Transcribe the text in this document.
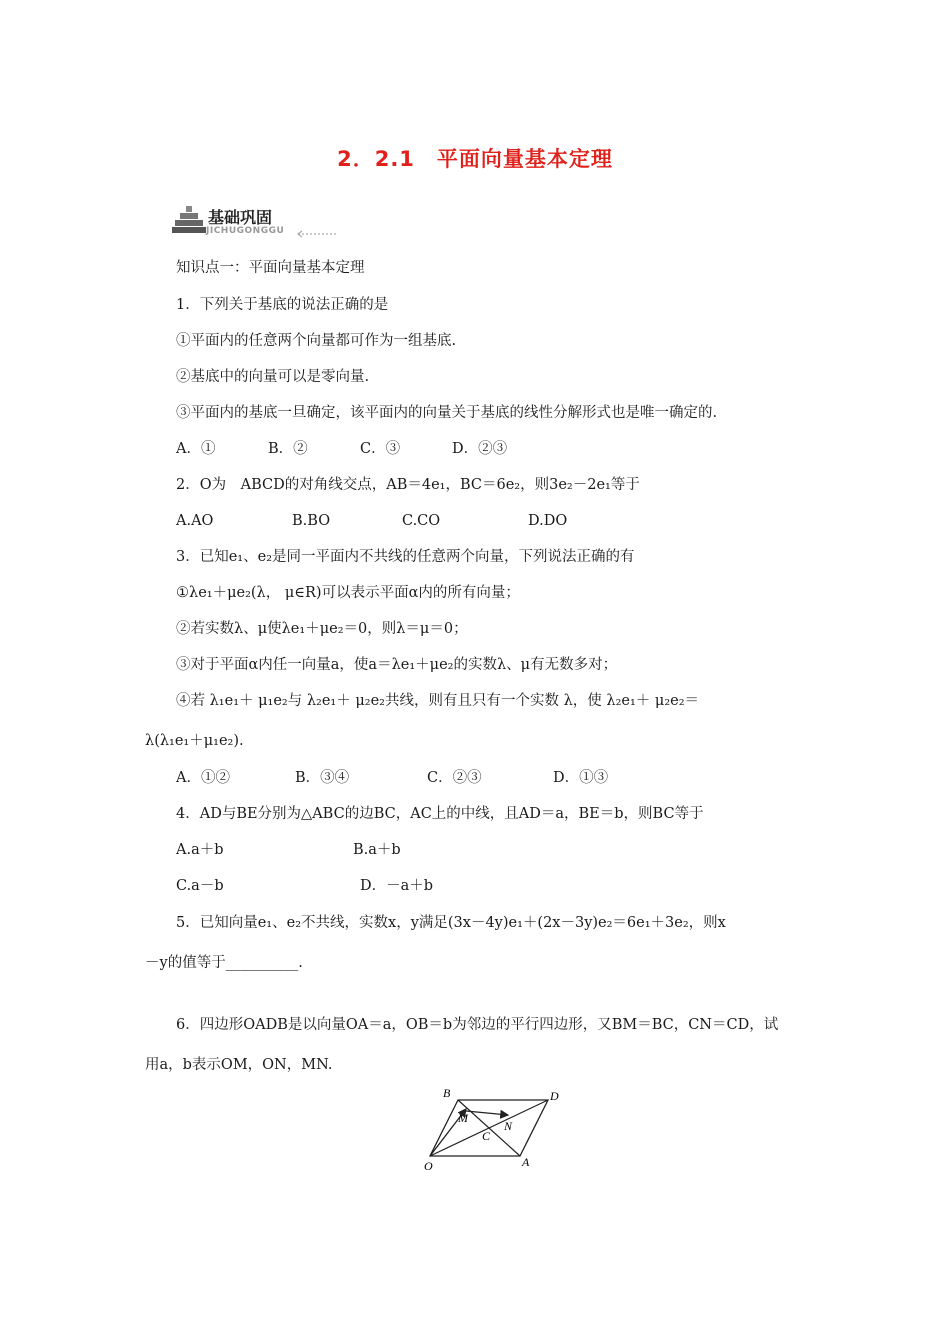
2．2.1　平面向量基本定理
基础巩固
JICHUGONGGU
知识点一：平面向量基本定理
1．下列关于基底的说法正确的是
①平面内的任意两个向量都可作为一组基底.
②基底中的向量可以是零向量.
③平面内的基底一旦确定，该平面内的向量关于基底的线性分解形式也是唯一确定的.
A．①	B．②	C．③	D．②③
2．O为　ABCD的对角线交点，AB＝4e₁，BC＝6e₂，则3e₂－2e₁等于
A.AO	B.BO	C.CO	D.DO
3．已知e₁、e₂是同一平面内不共线的任意两个向量，下列说法正确的有
①λe₁＋μe₂(λ， μ∈R)可以表示平面α内的所有向量；
②若实数λ、μ使λe₁＋μe₂＝0，则λ＝μ＝0；
③对于平面α内任一向量a，使a＝λe₁＋μe₂的实数λ、μ有无数多对；
④若 λ₁e₁＋ μ₁e₂与 λ₂e₁＋ μ₂e₂共线，则有且只有一个实数 λ，使 λ₂e₁＋ μ₂e₂＝
λ(λ₁e₁＋μ₁e₂).
A．①②	B．③④	C．②③	D．①③
4．AD与BE分别为△ABC的边BC，AC上的中线，且AD＝a，BE＝b，则BC等于
A.a＋b	B.a＋b
C.a－b	D．－a＋b
5．已知向量e₁、e₂不共线，实数x，y满足(3x－4y)e₁＋(2x－3y)e₂＝6e₁＋3e₂，则x
－y的值等于__________.
6．四边形OADB是以向量OA＝a，OB＝b为邻边的平行四边形，又BM＝BC，CN＝CD，试
用a，b表示OM，ON，MN.
B	D
M
N
C
O	A
